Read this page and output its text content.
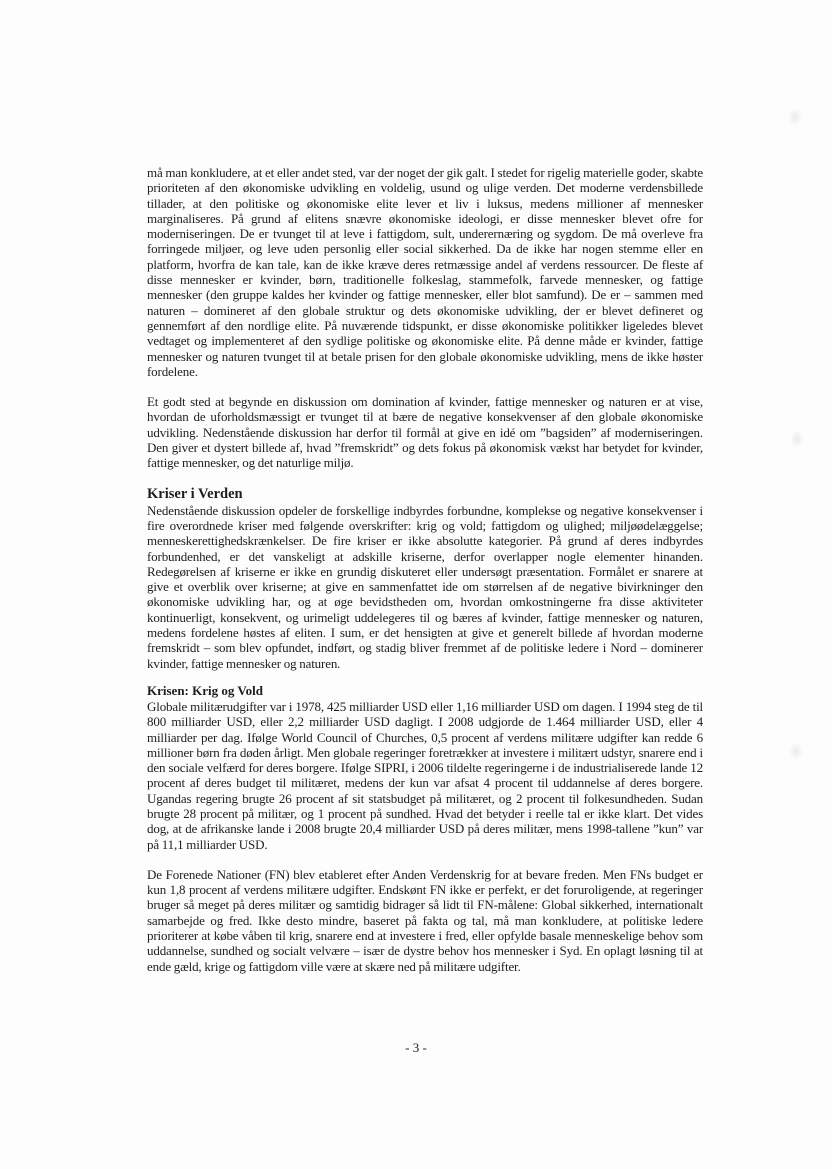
må man konkludere, at et eller andet sted, var der noget der gik galt. I stedet for rigelig materielle goder, skabte prioriteten af den økonomiske udvikling en voldelig, usund og ulige verden. Det moderne verdensbillede tillader, at den politiske og økonomiske elite lever et liv i luksus, medens millioner af mennesker marginaliseres. På grund af elitens snævre økonomiske ideologi, er disse mennesker blevet ofre for moderniseringen. De er tvunget til at leve i fattigdom, sult, underernæring og sygdom. De må overleve fra forringede miljøer, og leve uden personlig eller social sikkerhed. Da de ikke har nogen stemme eller en platform, hvorfra de kan tale, kan de ikke kræve deres retmæssige andel af verdens ressourcer. De fleste af disse mennesker er kvinder, børn, traditionelle folkeslag, stammefolk, farvede mennesker, og fattige mennesker (den gruppe kaldes her kvinder og fattige mennesker, eller blot samfund). De er – sammen med naturen – domineret af den globale struktur og dets økonomiske udvikling, der er blevet defineret og gennemført af den nordlige elite. På nuværende tidspunkt, er disse økonomiske politikker ligeledes blevet vedtaget og implementeret af den sydlige politiske og økonomiske elite. På denne måde er kvinder, fattige mennesker og naturen tvunget til at betale prisen for den globale økonomiske udvikling, mens de ikke høster fordelene.

Et godt sted at begynde en diskussion om domination af kvinder, fattige mennesker og naturen er at vise, hvordan de uforholdsmæssigt er tvunget til at bære de negative konsekvenser af den globale økonomiske udvikling. Nedenstående diskussion har derfor til formål at give en idé om ”bagsiden” af moderniseringen. Den giver et dystert billede af, hvad ”fremskridt” og dets fokus på økonomisk vækst har betydet for kvinder, fattige mennesker, og det naturlige miljø.

Kriser i Verden

Nedenstående diskussion opdeler de forskellige indbyrdes forbundne, komplekse og negative konsekvenser i fire overordnede kriser med følgende overskrifter: krig og vold; fattigdom og ulighed; miljøødelæggelse; menneskerettighedskrænkelser. De fire kriser er ikke absolutte kategorier. På grund af deres indbyrdes forbundenhed, er det vanskeligt at adskille kriserne, derfor overlapper nogle elementer hinanden. Redegørelsen af kriserne er ikke en grundig diskuteret eller undersøgt præsentation. Formålet er snarere at give et overblik over kriserne; at give en sammenfattet ide om størrelsen af de negative bivirkninger den økonomiske udvikling har, og at øge bevidstheden om, hvordan omkostningerne fra disse aktiviteter kontinuerligt, konsekvent, og urimeligt uddelegeres til og bæres af kvinder, fattige mennesker og naturen, medens fordelene høstes af eliten. I sum, er det hensigten at give et generelt billede af hvordan moderne fremskridt – som blev opfundet, indført, og stadig bliver fremmet af de politiske ledere i Nord – dominerer kvinder, fattige mennesker og naturen.

Krisen: Krig og Vold

Globale militærudgifter var i 1978, 425 milliarder USD eller 1,16 milliarder USD om dagen. I 1994 steg de til 800 milliarder USD, eller 2,2 milliarder USD dagligt. I 2008 udgjorde de 1.464 milliarder USD, eller 4 milliarder per dag. Ifølge World Council of Churches, 0,5 procent af verdens militære udgifter kan redde 6 millioner børn fra døden årligt. Men globale regeringer foretrækker at investere i militært udstyr, snarere end i den sociale velfærd for deres borgere. Ifølge SIPRI, i 2006 tildelte regeringerne i de industrialiserede lande 12 procent af deres budget til militæret, medens der kun var afsat 4 procent til uddannelse af deres borgere. Ugandas regering brugte 26 procent af sit statsbudget på militæret, og 2 procent til folkesundheden. Sudan brugte 28 procent på militær, og 1 procent på sundhed. Hvad det betyder i reelle tal er ikke klart. Det vides dog, at de afrikanske lande i 2008 brugte 20,4 milliarder USD på deres militær, mens 1998-tallene ”kun” var på 11,1 milliarder USD.

De Forenede Nationer (FN) blev etableret efter Anden Verdenskrig for at bevare freden. Men FNs budget er kun 1,8 procent af verdens militære udgifter. Endskønt FN ikke er perfekt, er det foruroligende, at regeringer bruger så meget på deres militær og samtidig bidrager så lidt til FN-målene: Global sikkerhed, internationalt samarbejde og fred. Ikke desto mindre, baseret på fakta og tal, må man konkludere, at politiske ledere prioriterer at købe våben til krig, snarere end at investere i fred, eller opfylde basale menneskelige behov som uddannelse, sundhed og socialt velvære – især de dystre behov hos mennesker i Syd. En oplagt løsning til at ende gæld, krige og fattigdom ville være at skære ned på militære udgifter.

- 3 -
